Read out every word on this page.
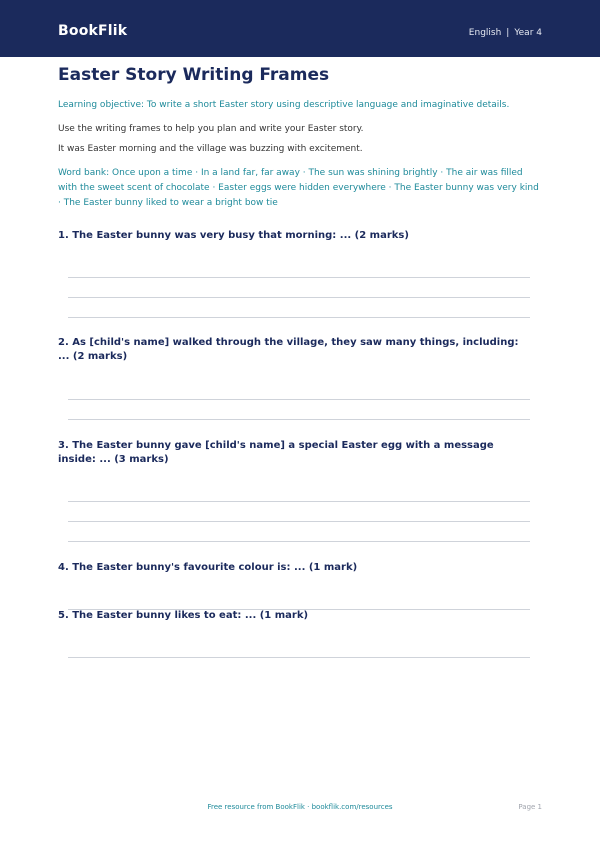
BookFlik	English | Year 4
Easter Story Writing Frames
Learning objective: To write a short Easter story using descriptive language and imaginative details.
Use the writing frames to help you plan and write your Easter story.
It was Easter morning and the village was buzzing with excitement.
Word bank: Once upon a time · In a land far, far away · The sun was shining brightly · The air was filled with the sweet scent of chocolate · Easter eggs were hidden everywhere · The Easter bunny was very kind · The Easter bunny liked to wear a bright bow tie
1. The Easter bunny was very busy that morning: ... (2 marks)
2. As [child's name] walked through the village, they saw many things, including: ... (2 marks)
3. The Easter bunny gave [child's name] a special Easter egg with a message inside: ... (3 marks)
4. The Easter bunny's favourite colour is: ... (1 mark)
5. The Easter bunny likes to eat: ... (1 mark)
Free resource from BookFlik · bookflik.com/resources	Page 1
